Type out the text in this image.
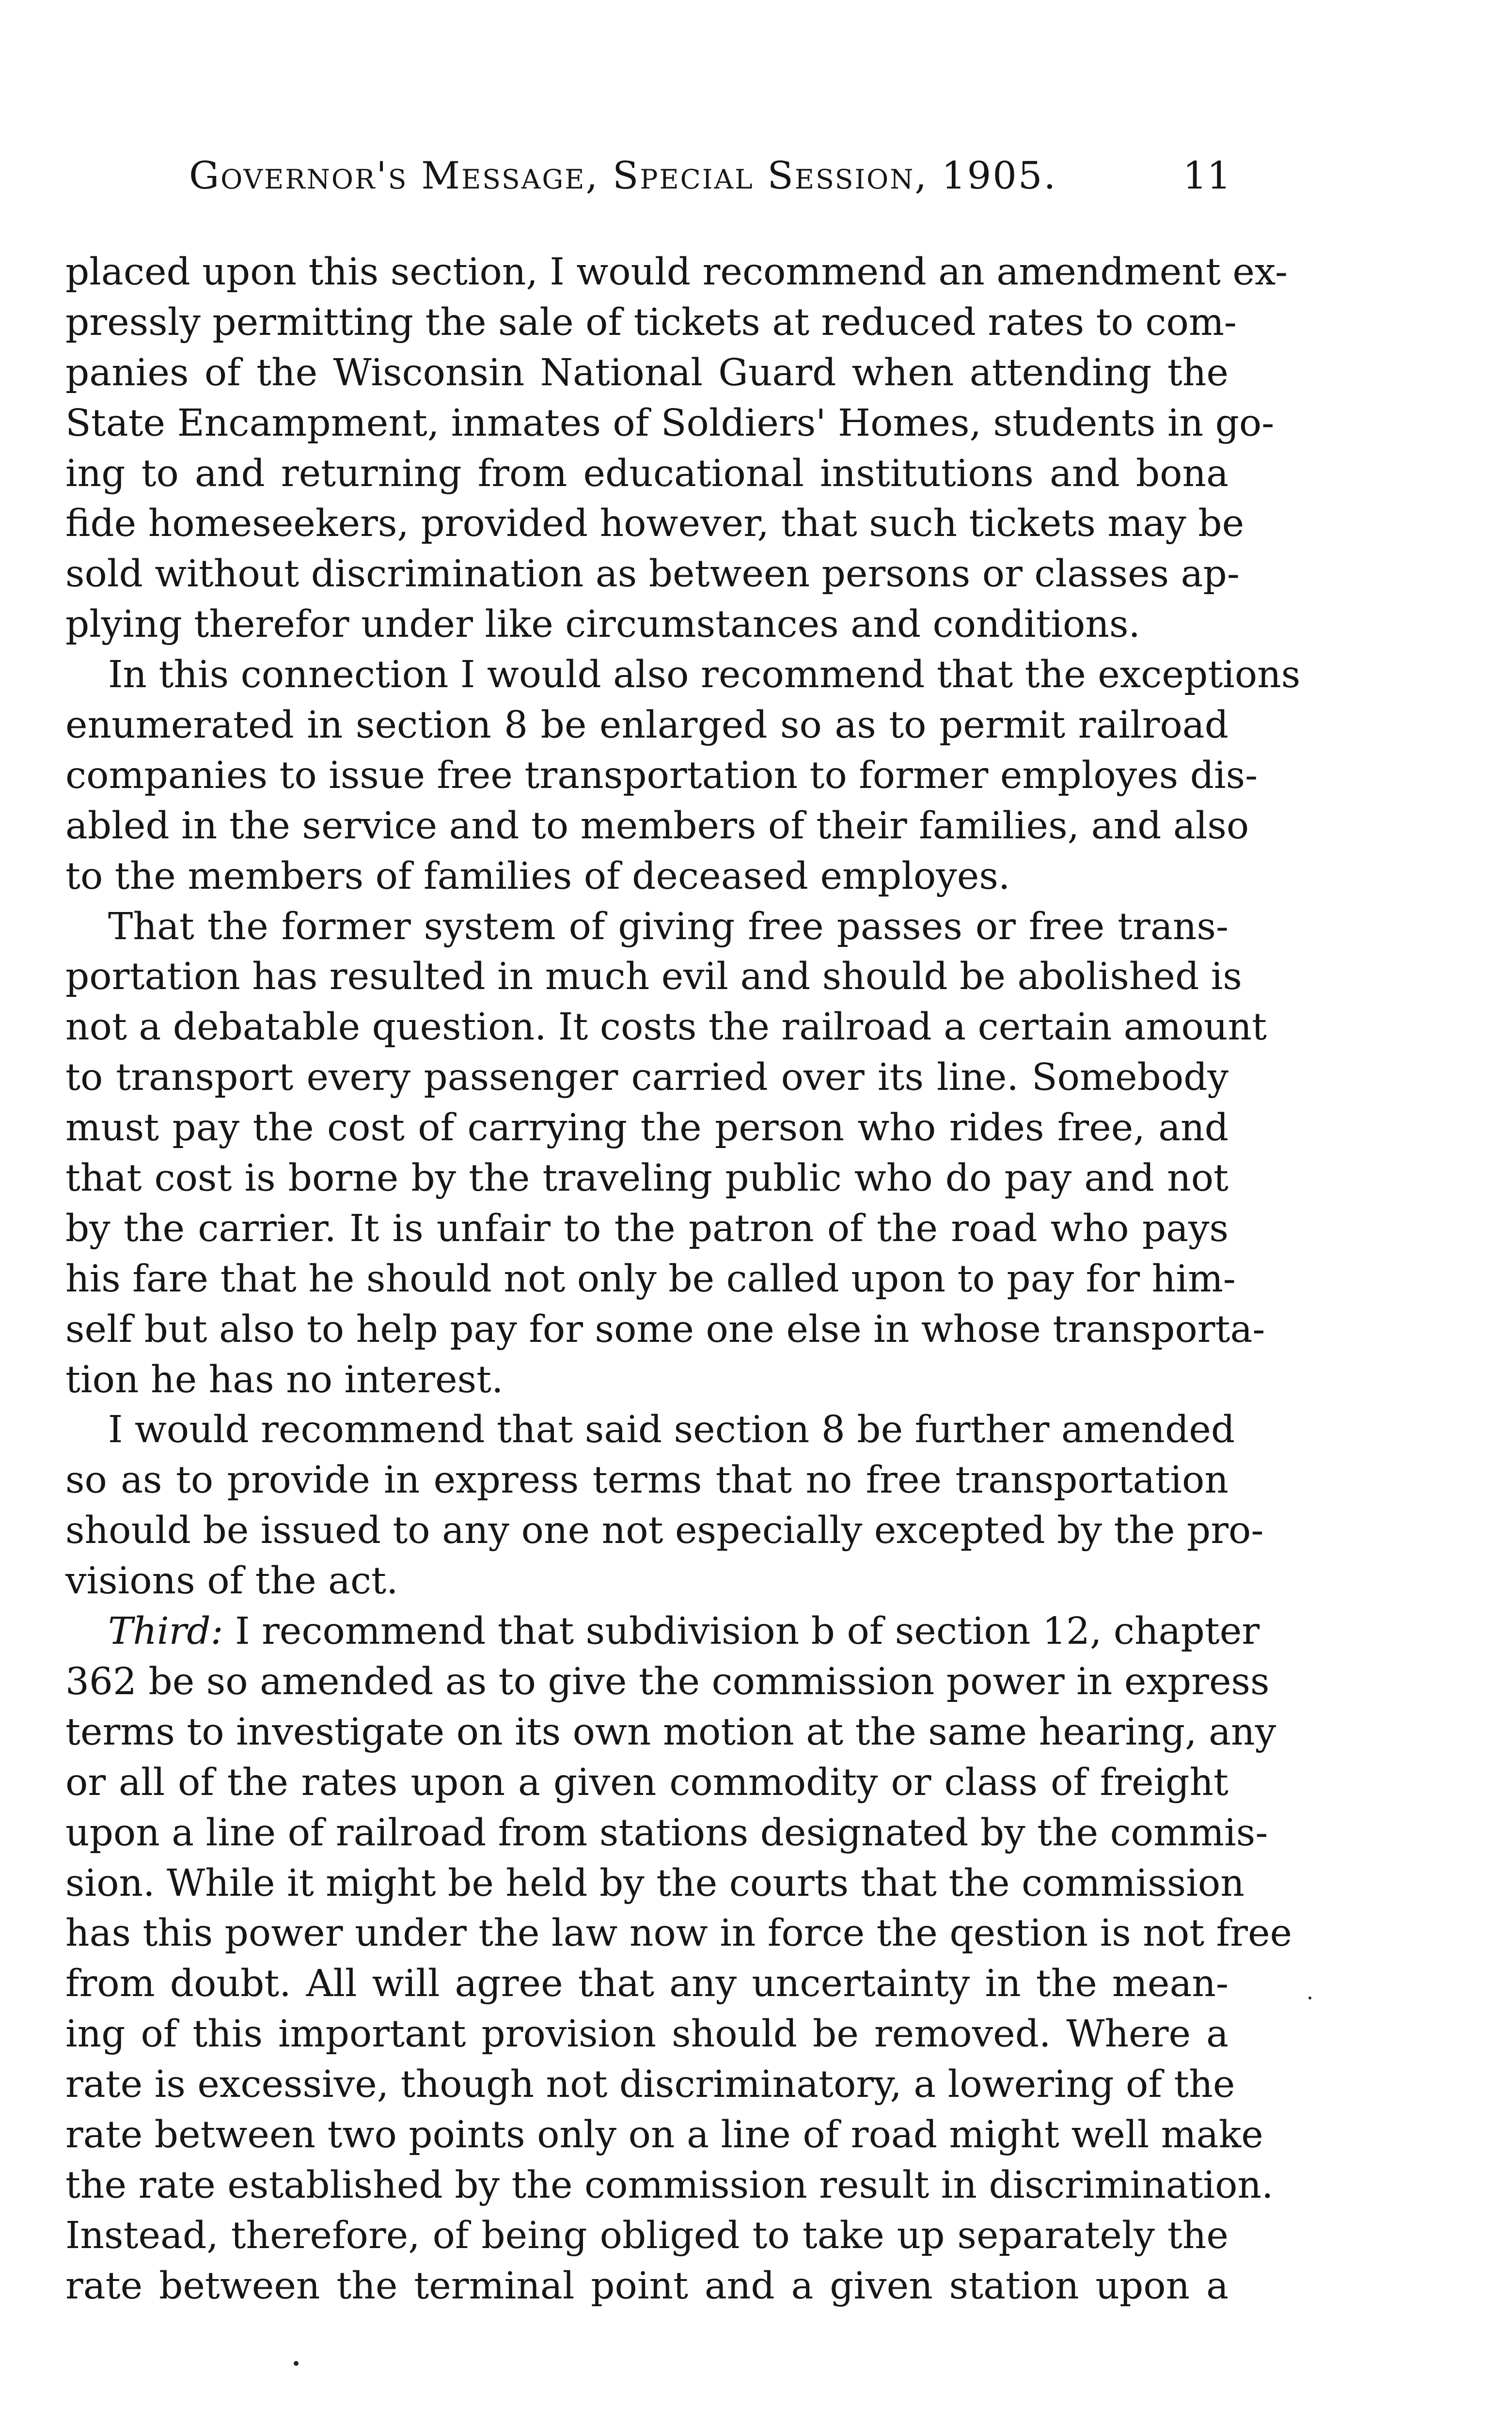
Governor's Message, Special Session, 1905.	11
placed upon this section, I would recommend an amendment ex-
pressly permitting the sale of tickets at reduced rates to com-
panies of the Wisconsin National Guard when attending the
State Encampment, inmates of Soldiers' Homes, students in go-
ing to and returning from educational institutions and bona
fide homeseekers, provided however, that such tickets may be
sold without discrimination as between persons or classes ap-
plying therefor under like circumstances and conditions.
In this connection I would also recommend that the exceptions
enumerated in section 8 be enlarged so as to permit railroad
companies to issue free transportation to former employes dis-
abled in the service and to members of their families, and also
to the members of families of deceased employes.
That the former system of giving free passes or free trans-
portation has resulted in much evil and should be abolished is
not a debatable question. It costs the railroad a certain amount
to transport every passenger carried over its line. Somebody
must pay the cost of carrying the person who rides free, and
that cost is borne by the traveling public who do pay and not
by the carrier. It is unfair to the patron of the road who pays
his fare that he should not only be called upon to pay for him-
self but also to help pay for some one else in whose transporta-
tion he has no interest.
I would recommend that said section 8 be further amended
so as to provide in express terms that no free transportation
should be issued to any one not especially excepted by the pro-
visions of the act.
Third: I recommend that subdivision b of section 12, chapter
362 be so amended as to give the commission power in express
terms to investigate on its own motion at the same hearing, any
or all of the rates upon a given commodity or class of freight
upon a line of railroad from stations designated by the commis-
sion. While it might be held by the courts that the commission
has this power under the law now in force the qestion is not free
from doubt. All will agree that any uncertainty in the mean-
ing of this important provision should be removed. Where a
rate is excessive, though not discriminatory, a lowering of the
rate between two points only on a line of road might well make
the rate established by the commission result in discrimination.
Instead, therefore, of being obliged to take up separately the
rate between the terminal point and a given station upon a
